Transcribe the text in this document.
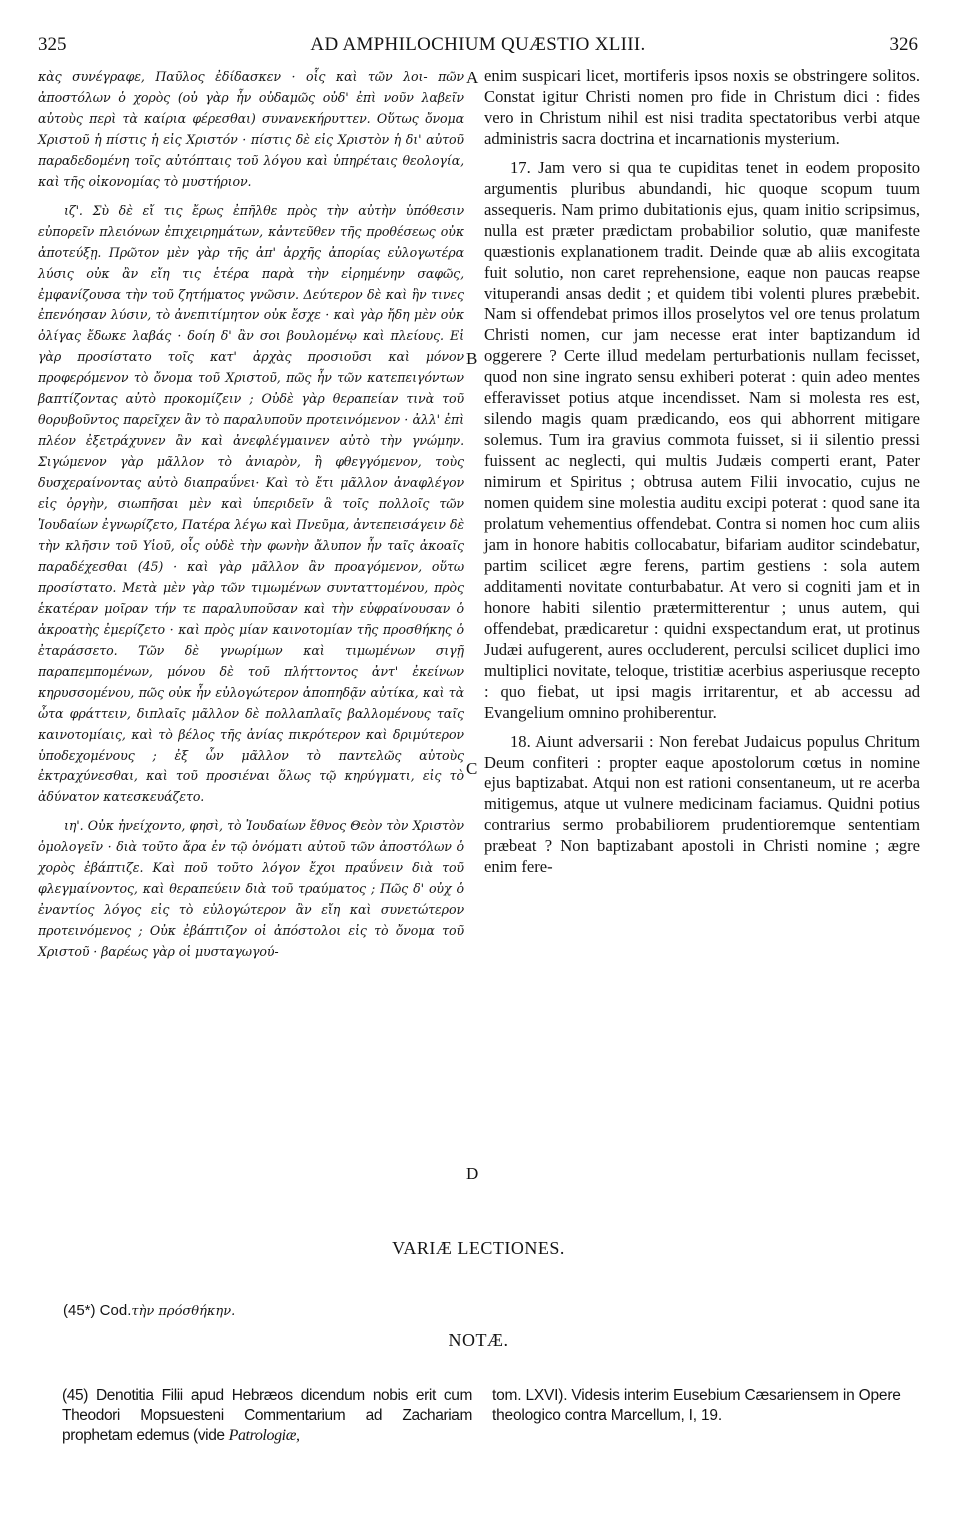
325	AD AMPHILOCHIUM QUÆSTIO XLIII.	326

κὰς συνέγραφε, Παῦλος ἐδίδασκεν · οἷς καὶ τῶν λοι- πῶν ἀποστόλων ὁ χορὸς (οὐ γὰρ ἦν οὐδαμῶς οὐδ' ἐπὶ νοῦν λαβεῖν αὐτοὺς περὶ τὰ καίρια φέρεσθαι) συνανεκήρυττεν. Οὕτως ὄνομα Χριστοῦ ἡ πίστις ἡ εἰς Χριστόν · πίστις δὲ εἰς Χριστὸν ἡ δι' αὐτοῦ παραδεδομένη τοῖς αὐτόπταις τοῦ λόγου καὶ ὑπηρέταις θεολογία, καὶ τῆς οἰκονομίας τὸ μυστήριον.

ιζ'. Σὺ δὲ εἴ τις ἔρως ἐπῆλθε πρὸς τὴν αὐτὴν ὑπόθεσιν εὐπορεῖν πλειόνων ἐπιχειρημάτων, κἀντεῦθεν τῆς προθέσεως οὐκ ἀποτεύξῃ. Πρῶτον μὲν γὰρ τῆς ἀπ' ἀρχῆς ἀπορίας εὐλογωτέρα λύσις οὐκ ἂν εἴη τις ἑτέρα παρὰ τὴν εἰρημένην σαφῶς, ἐμφανίζουσα τὴν τοῦ ζητήματος γνῶσιν. Δεύτερον δὲ καὶ ἣν τινες ἐπενόησαν λύσιν, τὸ ἀνεπιτίμητον οὐκ ἔσχε · καὶ γὰρ ἤδη μὲν οὐκ ὀλίγας ἔδωκε λαβάς · δοίη δ' ἂν σοι βουλομένῳ καὶ πλείους. Εἰ γὰρ προσίστατο τοῖς κατ' ἀρχὰς προσιοῦσι καὶ μόνον προφερόμενον τὸ ὄνομα τοῦ Χριστοῦ, πῶς ἦν τῶν κατεπειγόντων βαπτίζοντας αὐτὸ προκομίζειν ; Οὐδὲ γὰρ θεραπείαν τινὰ τοῦ θορυβοῦντος παρεῖχεν ἂν τὸ παραλυποῦν προτεινόμενον · ἀλλ' ἐπὶ πλέον ἐξετράχυνεν ἂν καὶ ἀνεφλέγμαινεν αὐτὸ τὴν γνώμην. Σιγώμενον γὰρ μᾶλλον τὸ ἀνιαρὸν, ἢ φθεγγόμενον, τοὺς δυσχεραίνοντας αὐτὸ διαπραΰνει· Καὶ τὸ ἔτι μᾶλλον ἀναφλέγον εἰς ὀργὴν, σιωπῆσαι μὲν καὶ ὑπεριδεῖν ἃ τοῖς πολλοῖς τῶν Ἰουδαίων ἐγνωρίζετο, Πατέρα λέγω καὶ Πνεῦμα, ἀντεπεισάγειν δὲ τὴν κλῆσιν τοῦ Υἱοῦ, οἷς οὐδὲ τὴν φωνὴν ἄλυπον ἦν ταῖς ἀκοαῖς παραδέχεσθαι (45) · καὶ γὰρ μᾶλλον ἂν προαγόμενον, οὕτω προσίστατο. Μετὰ μὲν γὰρ τῶν τιμωμένων συνταττομένου, πρὸς ἑκατέραν μοῖραν τήν τε παραλυποῦσαν καὶ τὴν εὐφραίνουσαν ὁ ἀκροατὴς ἐμερίζετο · καὶ πρὸς μίαν καινοτομίαν τῆς προσθήκης ὁ ἐταράσσετο. Τῶν δὲ γνωρίμων καὶ τιμωμένων σιγῇ παραπεμπομένων, μόνου δὲ τοῦ πλήττοντος ἀντ' ἐκείνων κηρυσσομένου, πῶς οὐκ ἦν εὐλογώτερον ἀποπηδᾷν αὐτίκα, καὶ τὰ ὦτα φράττειν, διπλαῖς μᾶλλον δὲ πολλαπλαῖς βαλλομένους ταῖς καινοτομίαις, καὶ τὸ βέλος τῆς ἀνίας πικρότερον καὶ δριμύτερον ὑποδεχομένους ; ἐξ ὧν μᾶλλον τὸ παντελῶς αὐτοὺς ἐκτραχύνεσθαι, καὶ τοῦ προσιέναι ὅλως τῷ κηρύγματι, εἰς τὸ ἀδύνατον κατεσκευάζετο.

ιη'. Οὐκ ἠνείχοντο, φησὶ, τὸ Ἰουδαίων ἔθνος Θεὸν τὸν Χριστὸν ὁμολογεῖν · διὰ τοῦτο ἄρα ἐν τῷ ὀνόματι αὐτοῦ τῶν ἀποστόλων ὁ χορὸς ἐβάπτιζε. Καὶ ποῦ τοῦτο λόγον ἔχοι πραΰνειν διὰ τοῦ φλεγμαίνοντος, καὶ θεραπεύειν διὰ τοῦ τραύματος ; Πῶς δ' οὐχ ὁ ἐναντίος λόγος εἰς τὸ εὐλογώτερον ἂν εἴη καὶ συνετώτερον προτεινόμενος ; Οὐκ ἐβάπτιζον οἱ ἀπόστολοι εἰς τὸ ὄνομα τοῦ Χριστοῦ · βαρέως γὰρ οἱ μυσταγωγού-

enim suspicari licet, mortiferis ipsos noxis se obstringere solitos. Constat igitur Christi nomen pro fide in Christum dici : fides vero in Christum nihil est nisi tradita spectatoribus verbi atque administris sacra doctrina et incarnationis mysterium.

17. Jam vero si qua te cupiditas tenet in eodem proposito argumentis pluribus abundandi, hic quoque scopum tuum assequeris. Nam primo dubitationis ejus, quam initio scripsimus, nulla est præter prædictam probabilior solutio, quæ manifeste quæstionis explanationem tradit. Deinde quæ ab aliis excogitata fuit solutio, non caret reprehensione, eaque non paucas reapse vituperandi ansas dedit ; et quidem tibi volenti plures præbebit. Nam si offendebat primos illos proselytos vel ore tenus prolatum Christi nomen, cur jam necesse erat inter baptizandum id oggerere ? Certe illud medelam perturbationis nullam fecisset, quod non sine ingrato sensu exhiberi poterat : quin adeo mentes efferavisset potius atque incendisset. Nam si molesta res est, silendo magis quam prædicando, eos qui abhorrent mitigare solemus. Tum ira gravius commota fuisset, si ii silentio pressi fuissent ac neglecti, qui multis Judæis comperti erant, Pater nimirum et Spiritus ; obtrusa autem Filii invocatio, cujus ne nomen quidem sine molestia auditu excipi poterat : quod sane ita prolatum vehementius offendebat. Contra si nomen hoc cum aliis jam in honore habitis collocabatur, bifariam auditor scindebatur, partim scilicet ægre ferens, partim gestiens : sola autem additamenti novitate conturbabatur. At vero si cogniti jam et in honore habiti silentio prætermitterentur ; unus autem, qui offendebat, prædicaretur : quidni exspectandum erat, ut protinus Judæi aufugerent, aures occluderent, perculsi scilicet duplici imo multiplici novitate, teloque, tristitiæ acerbius asperiusque recepto : quo fiebat, ut ipsi magis irritarentur, et ab accessu ad Evangelium omnino prohiberentur.

18. Aiunt adversarii : Non ferebat Judaicus populus Chritum Deum confiteri : propter eaque apostolorum cœtus in nomine ejus baptizabat. Atqui non est rationi consentaneum, ut re acerba mitigemus, atque ut vulnere medicinam faciamus. Quidni potius contrarius sermo probabiliorem prudentioremque sententiam præbeat ? Non baptizabant apostoli in Christi nomine ; ægre enim fere-

A
B
C
D
VARIÆ LECTIONES.
(45*) Cod.τὴν πρόσθήκην.
NOTÆ.
(45) Denotitia Filii apud Hebræos dicendum nobis erit cum Theodori Mopsuesteni Commentarium ad Zachariam prophetam edemus (vide Patrologiæ,
tom. LXVI). Videsis interim Eusebium Cæsariensem in Opere theologico contra Marcellum, I, 19.
